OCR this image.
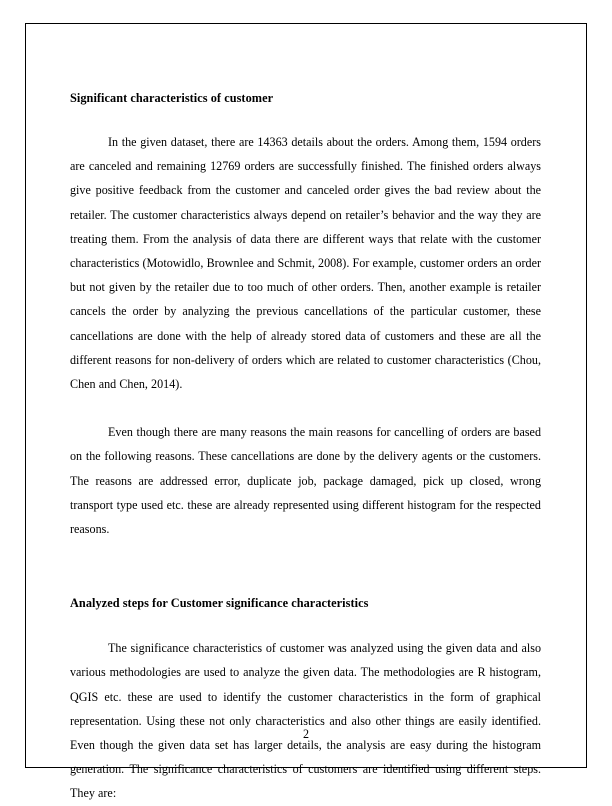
Significant characteristics of customer

In the given dataset, there are 14363 details about the orders. Among them, 1594 orders are canceled and remaining 12769 orders are successfully finished. The finished orders always give positive feedback from the customer and canceled order gives the bad review about the retailer. The customer characteristics always depend on retailer’s behavior and the way they are treating them. From the analysis of data there are different ways that relate with the customer characteristics (Motowidlo, Brownlee and Schmit, 2008). For example, customer orders an order but not given by the retailer due to too much of other orders. Then, another example is retailer cancels the order by analyzing the previous cancellations of the particular customer, these cancellations are done with the help of already stored data of customers and these are all the different reasons for non-delivery of orders which are related to customer characteristics (Chou, Chen and Chen, 2014).

Even though there are many reasons the main reasons for cancelling of orders are based on the following reasons. These cancellations are done by the delivery agents or the customers. The reasons are addressed error, duplicate job, package damaged, pick up closed, wrong transport type used etc. these are already represented using different histogram for the respected reasons.

Analyzed steps for Customer significance characteristics

The significance characteristics of customer was analyzed using the given data and also various methodologies are used to analyze the given data. The methodologies are R histogram, QGIS etc. these are used to identify the customer characteristics in the form of graphical representation. Using these not only characteristics and also other things are easily identified. Even though the given data set has larger details, the analysis are easy during the histogram generation. The significance characteristics of customers are identified using different steps. They are:

2
